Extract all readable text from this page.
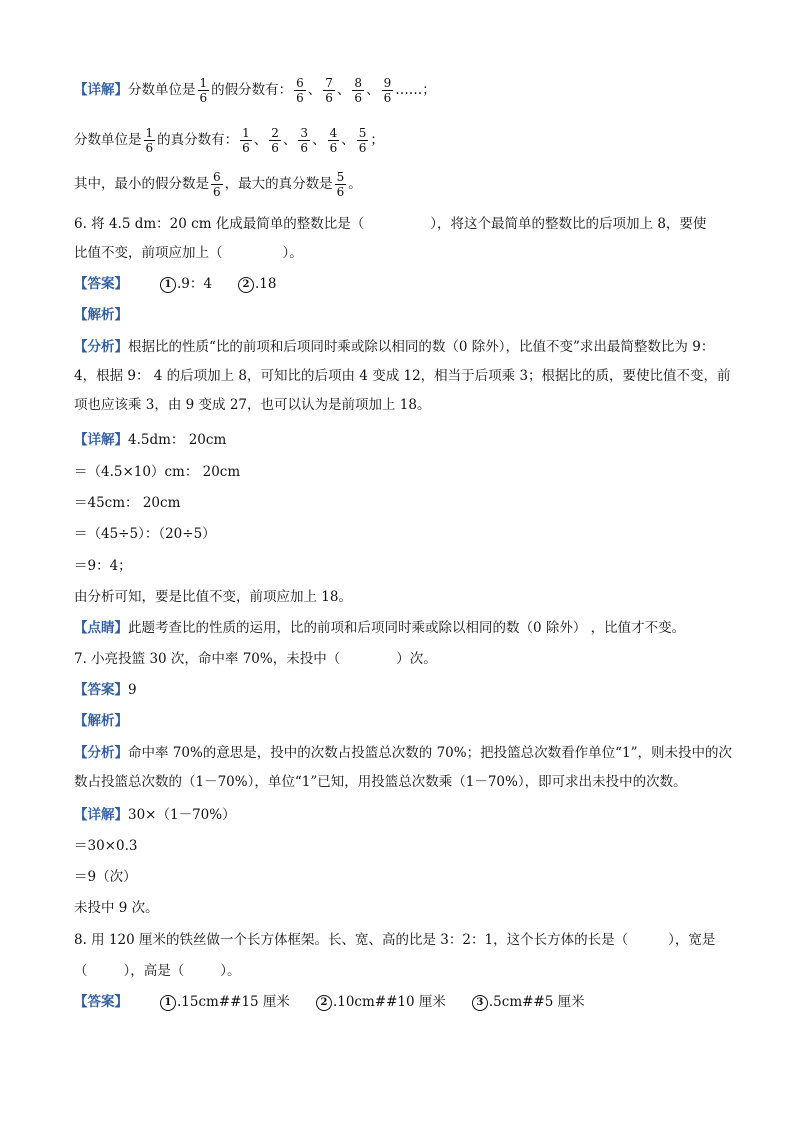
【详解】分数单位是 $\frac{1}{6}$ 的假分数有： $\frac{6}{6}$ 、 $\frac{7}{6}$ 、 $\frac{8}{6}$ 、 $\frac{9}{6}$ ……；
分数单位是 $\frac{1}{6}$ 的真分数有： $\frac{1}{6}$ 、 $\frac{2}{6}$ 、 $\frac{3}{6}$ 、 $\frac{4}{6}$ 、 $\frac{5}{6}$ ；
其中，最小的假分数是 $\frac{6}{6}$ ，最大的真分数是 $\frac{5}{6}$ 。
6. 将 4.5 dm：20 cm 化成最简单的整数比是（	），将这个最简单的整数比的后项加上 8，要使
比值不变，前项应加上（	）。
【答案】	1 .9：4	2 .18
【解析】
【分析】根据比的性质“比的前项和后项同时乘或除以相同的数（0 除外），比值不变”求出最简整数比为 9： 4，根据 9： 4 的后项加上 8，可知比的后项由 4 变成 12，相当于后项乘 3；根据比的质，要使比值不变，前项也应该乘 3，由 9 变成 27，也可以认为是前项加上 18。
【详解】4.5dm： 20cm
＝（4.5×10）cm： 20cm
＝45cm： 20cm
＝（45÷5）：（20÷5）
＝9：4；
由分析可知，要是比值不变，前项应加上 18。
【点睛】此题考查比的性质的运用，比的前项和后项同时乘或除以相同的数（0 除外） ，比值才不变。
7. 小亮投篮 30 次，命中率 70%，未投中（	）次。
【答案】9
【解析】
【分析】命中率 70%的意思是，投中的次数占投篮总次数的 70%；把投篮总次数看作单位“1”，则未投中的次数占投篮总次数的（1－70%），单位“1”已知，用投篮总次数乘（1－70%），即可求出未投中的次数。
【详解】30×（1－70%）
＝30×0.3
＝9（次）
未投中 9 次。
8. 用 120 厘米的铁丝做一个长方体框架。长、宽、高的比是 3：2：1，这个长方体的长是（	），宽是
（	），高是（	）。
【答案】	1 .15cm##15 厘米	2 .10cm##10 厘米	3 .5cm##5 厘米
